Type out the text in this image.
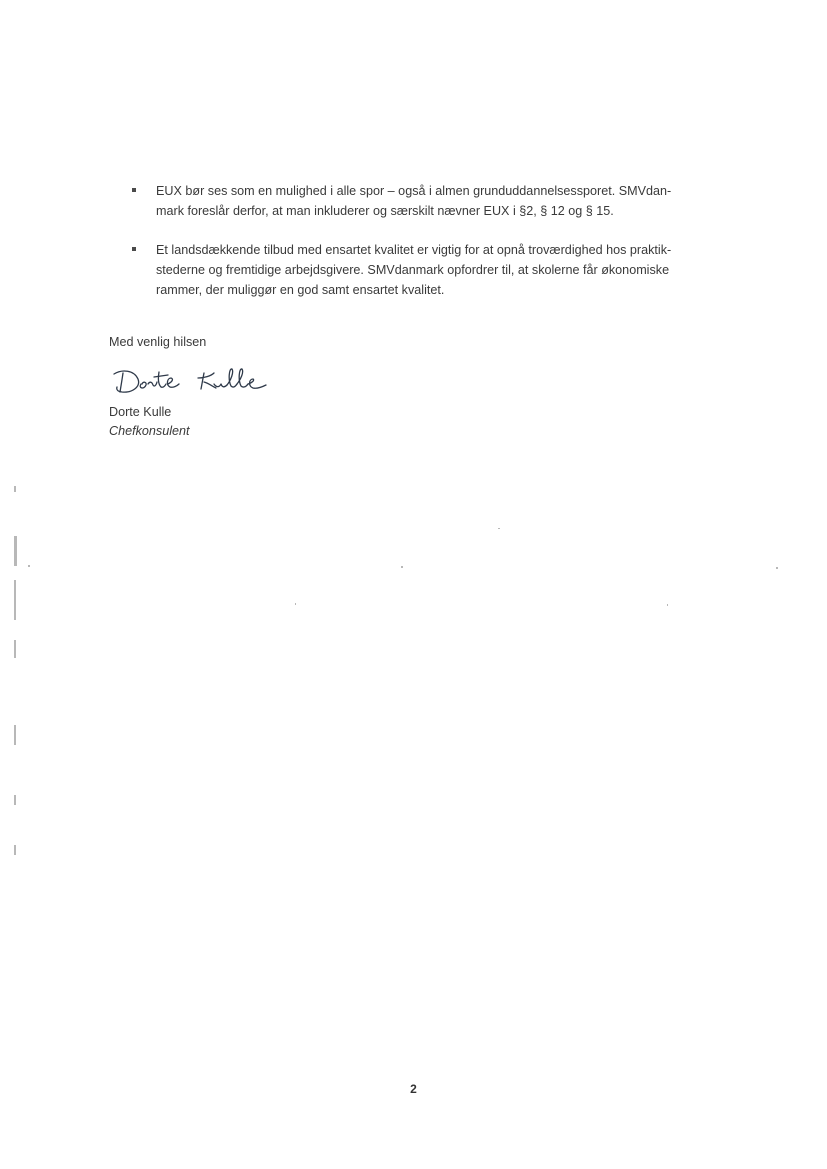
EUX bør ses som en mulighed i alle spor – også i almen grunduddannelsessporet. SMVdan-
mark foreslår derfor, at man inkluderer og særskilt nævner EUX i §2, § 12 og § 15.
Et landsdækkende tilbud med ensartet kvalitet er vigtig for at opnå troværdighed hos praktik-
stederne og fremtidige arbejdsgivere. SMVdanmark opfordrer til, at skolerne får økonomiske
rammer, der muliggør en god samt ensartet kvalitet.
Med venlig hilsen
Dorte Kulle
Chefkonsulent
2
